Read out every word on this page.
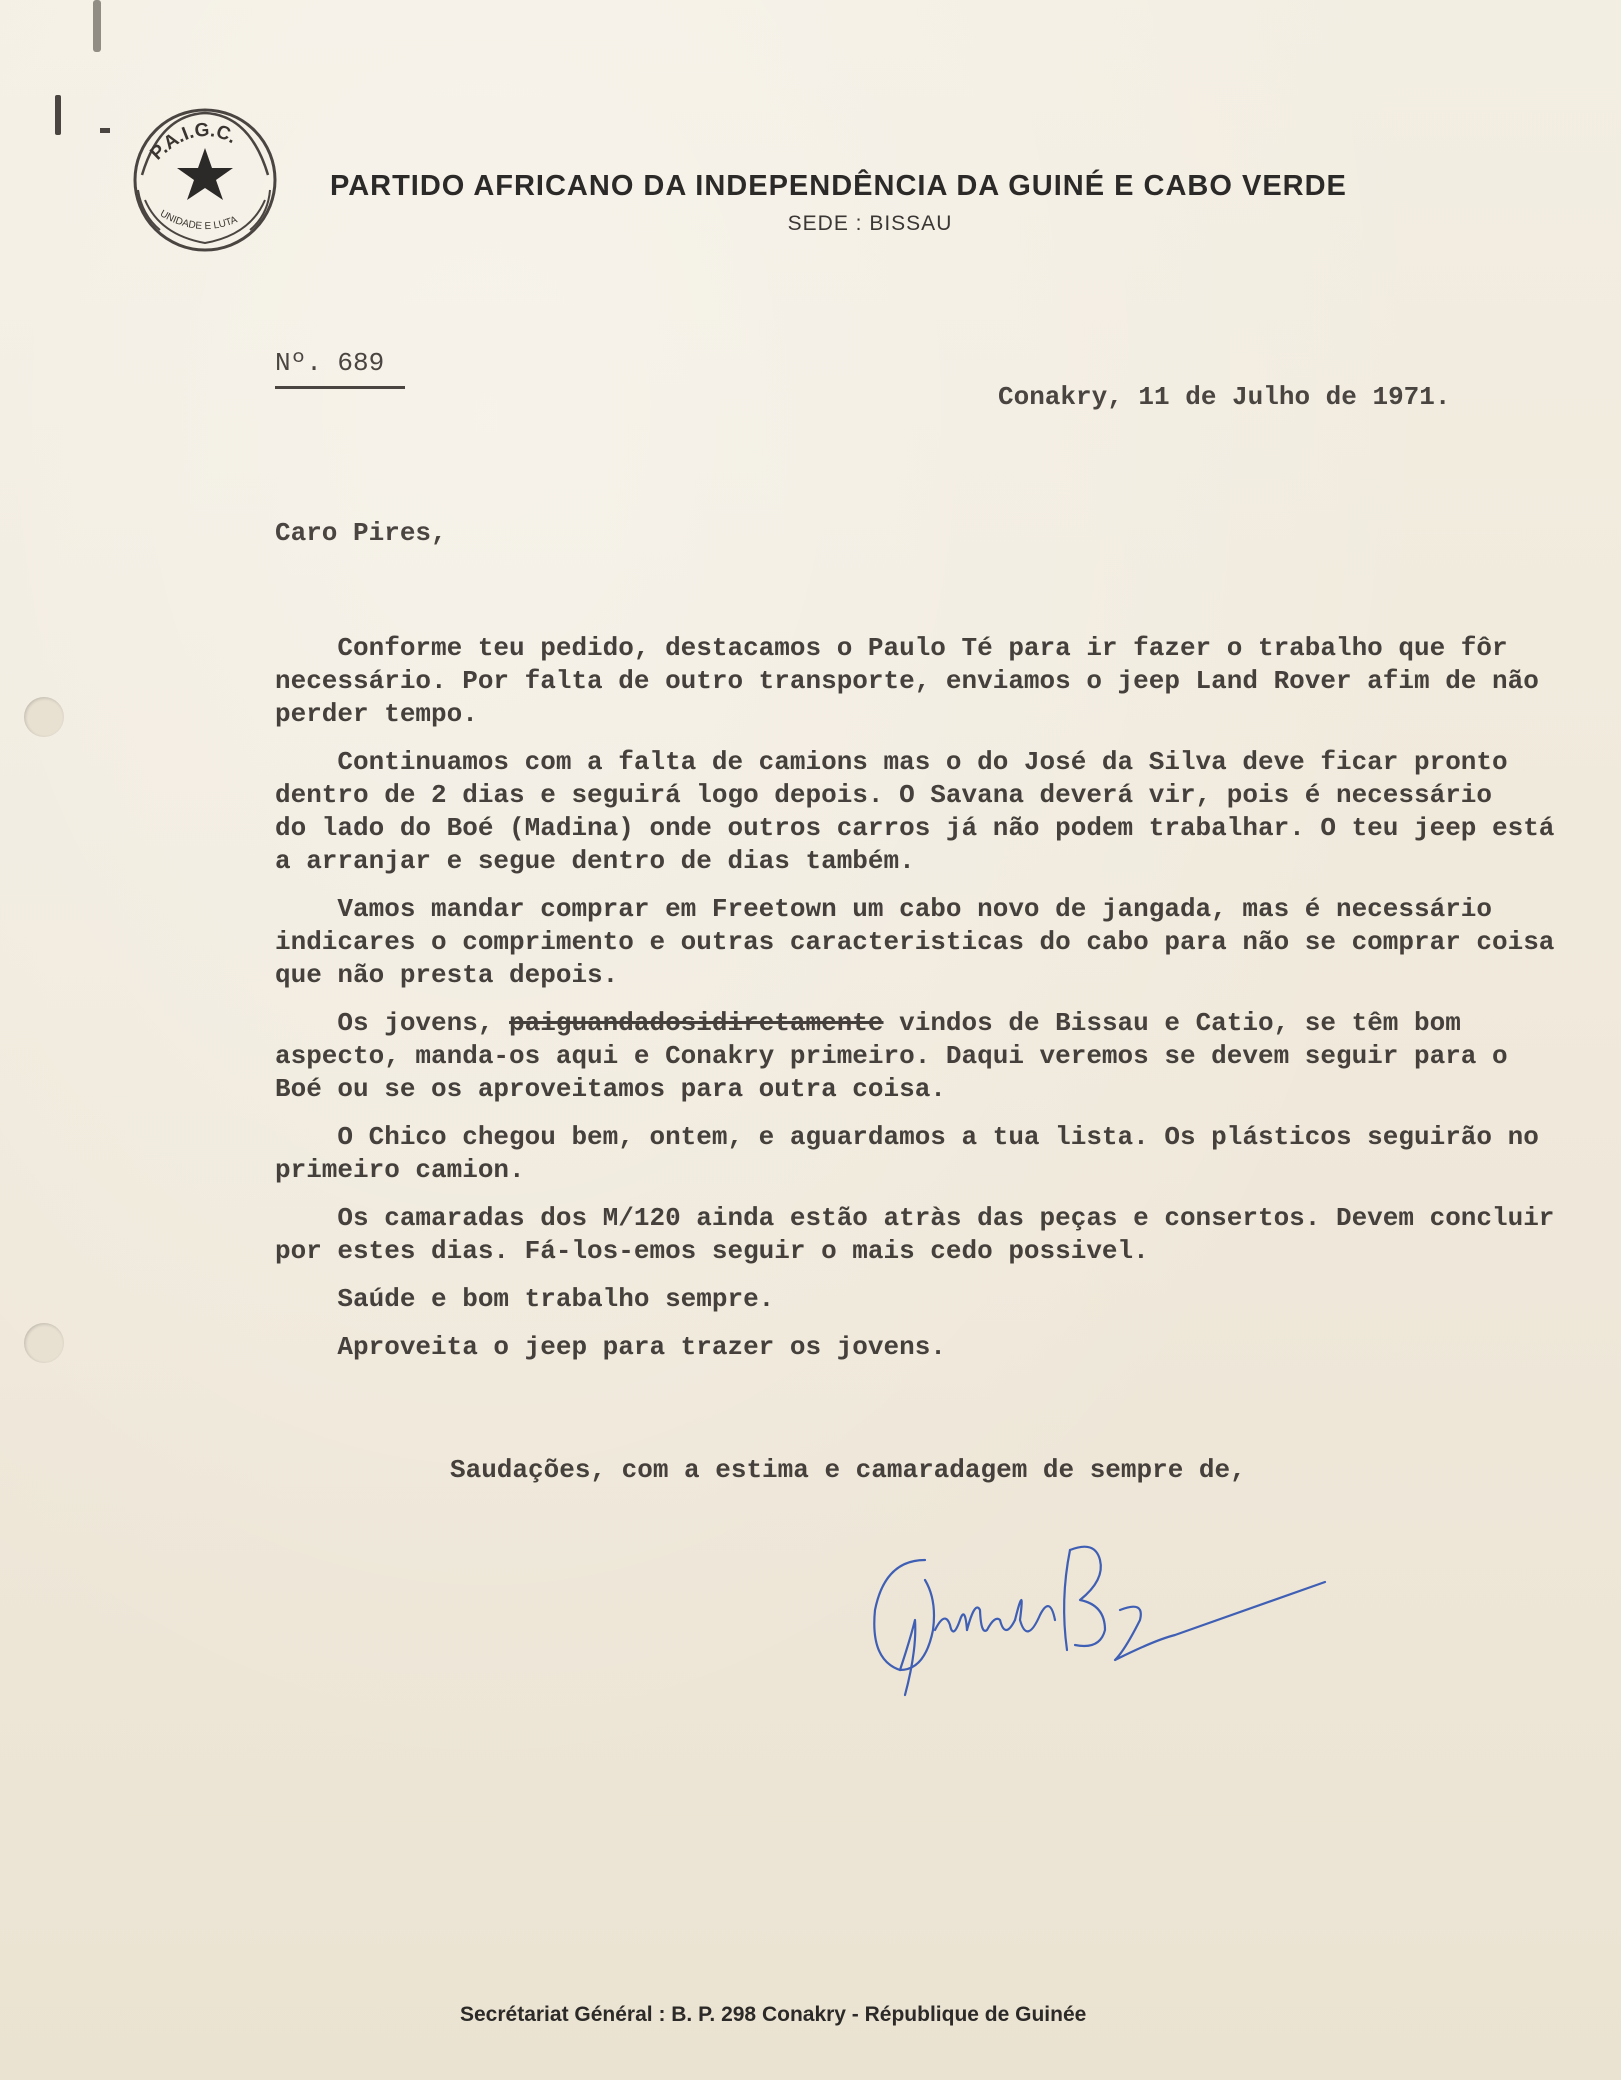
P.A.I.G.C.
UNIDADE E LUTA
PARTIDO AFRICANO DA INDEPENDÊNCIA DA GUINÉ E CABO VERDE
SEDE : BISSAU
Nº. 689
Conakry, 11 de Julho de 1971.
Caro Pires,
Conforme teu pedido, destacamos o Paulo Té para ir fazer o trabalho que fôr
necessário. Por falta de outro transporte, enviamos o jeep Land Rover afim de não
perder tempo.
Continuamos com a falta de camions mas o do José da Silva deve ficar pronto
dentro de 2 dias e seguirá logo depois. O Savana deverá vir, pois é necessário
do lado do Boé (Madina) onde outros carros já não podem trabalhar. O teu jeep está
a arranjar e segue dentro de dias também.
Vamos mandar comprar em Freetown um cabo novo de jangada, mas é necessário
indicares o comprimento e outras caracteristicas do cabo para não se comprar coisa
que não presta depois.
Os jovens, paiguandadosidiretamente vindos de Bissau e Catio, se têm bom
aspecto, manda-os aqui e Conakry primeiro. Daqui veremos se devem seguir para o
Boé ou se os aproveitamos para outra coisa.
O Chico chegou bem, ontem, e aguardamos a tua lista. Os plásticos seguirão no
primeiro camion.
Os camaradas dos M/120 ainda estão atràs das peças e consertos. Devem concluir
por estes dias. Fá-los-emos seguir o mais cedo possivel.
Saúde e bom trabalho sempre.
Aproveita o jeep para trazer os jovens.
Saudações, com a estima e camaradagem de sempre de,
Secrétariat Général : B. P. 298 Conakry - République de Guinée
